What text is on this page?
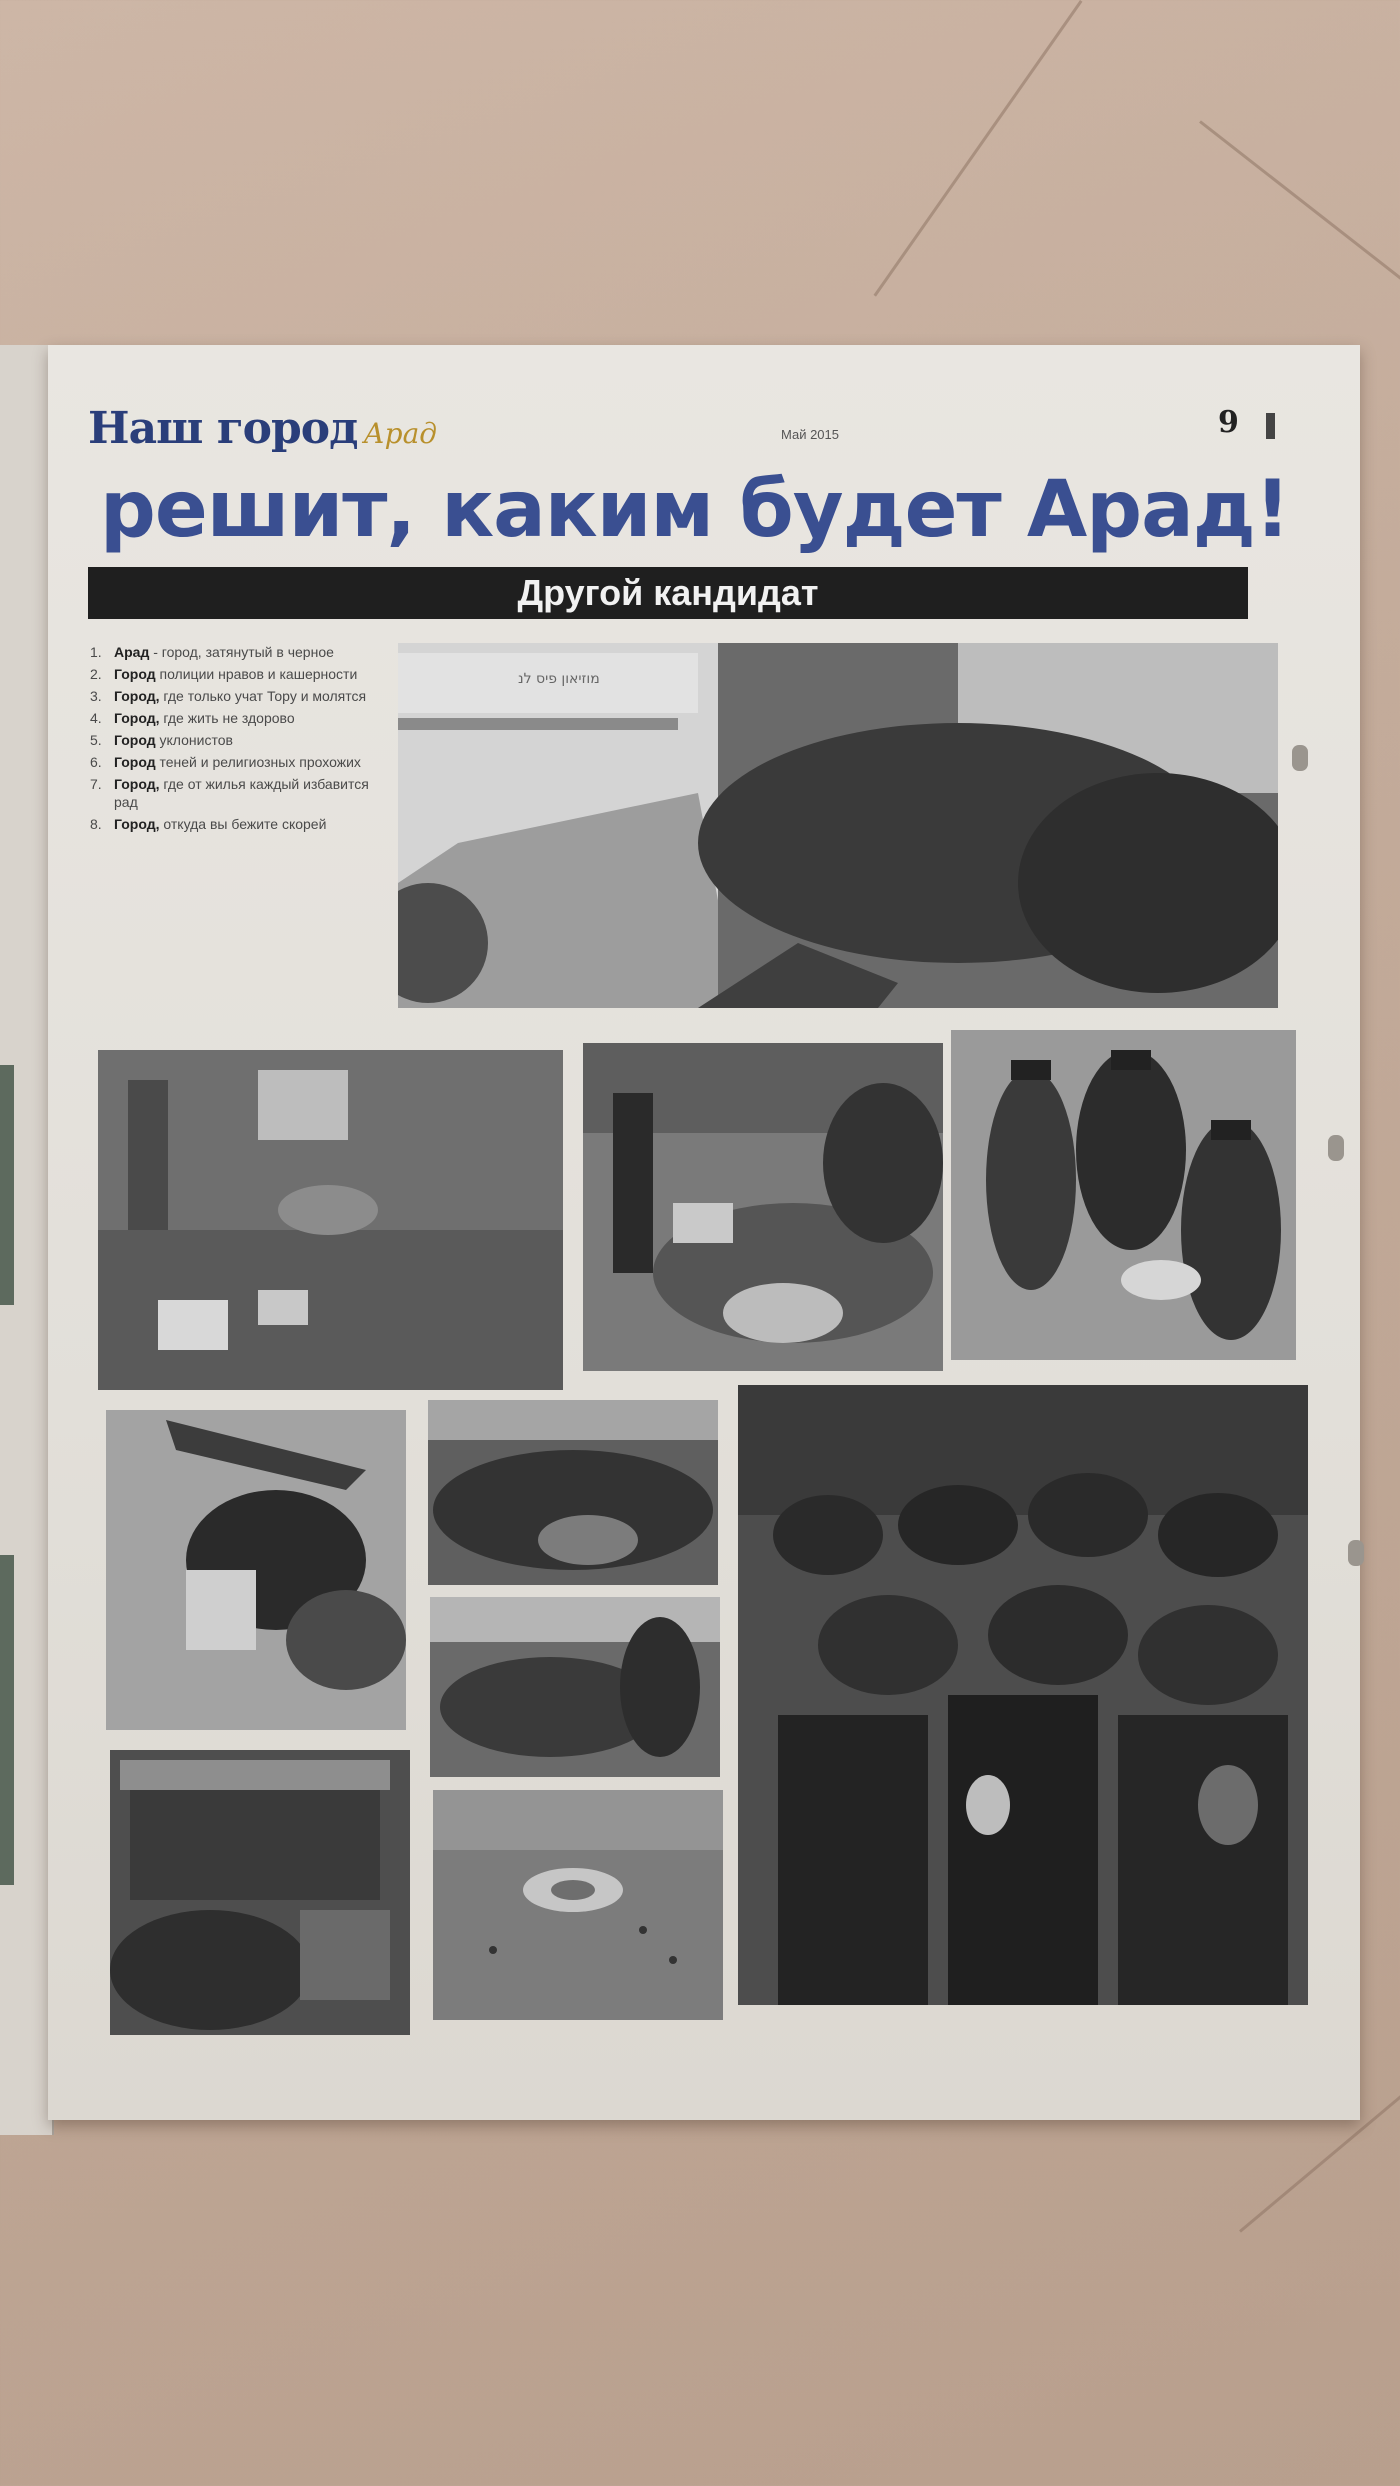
Наш город Арад	Май 2015	9
решит, каким будет Арад!
Другой кандидат
1. Арад - город, затянутый в черное
2. Город полиции нравов и кашерности
3. Город, где только учат Тору и молятся
4. Город, где жить не здорово
5. Город уклонистов
6. Город теней и религиозных прохожих
7. Город, где от жилья каждый избавится рад
8. Город, откуда вы бежите скорей
מוזיאון פיס לנ
